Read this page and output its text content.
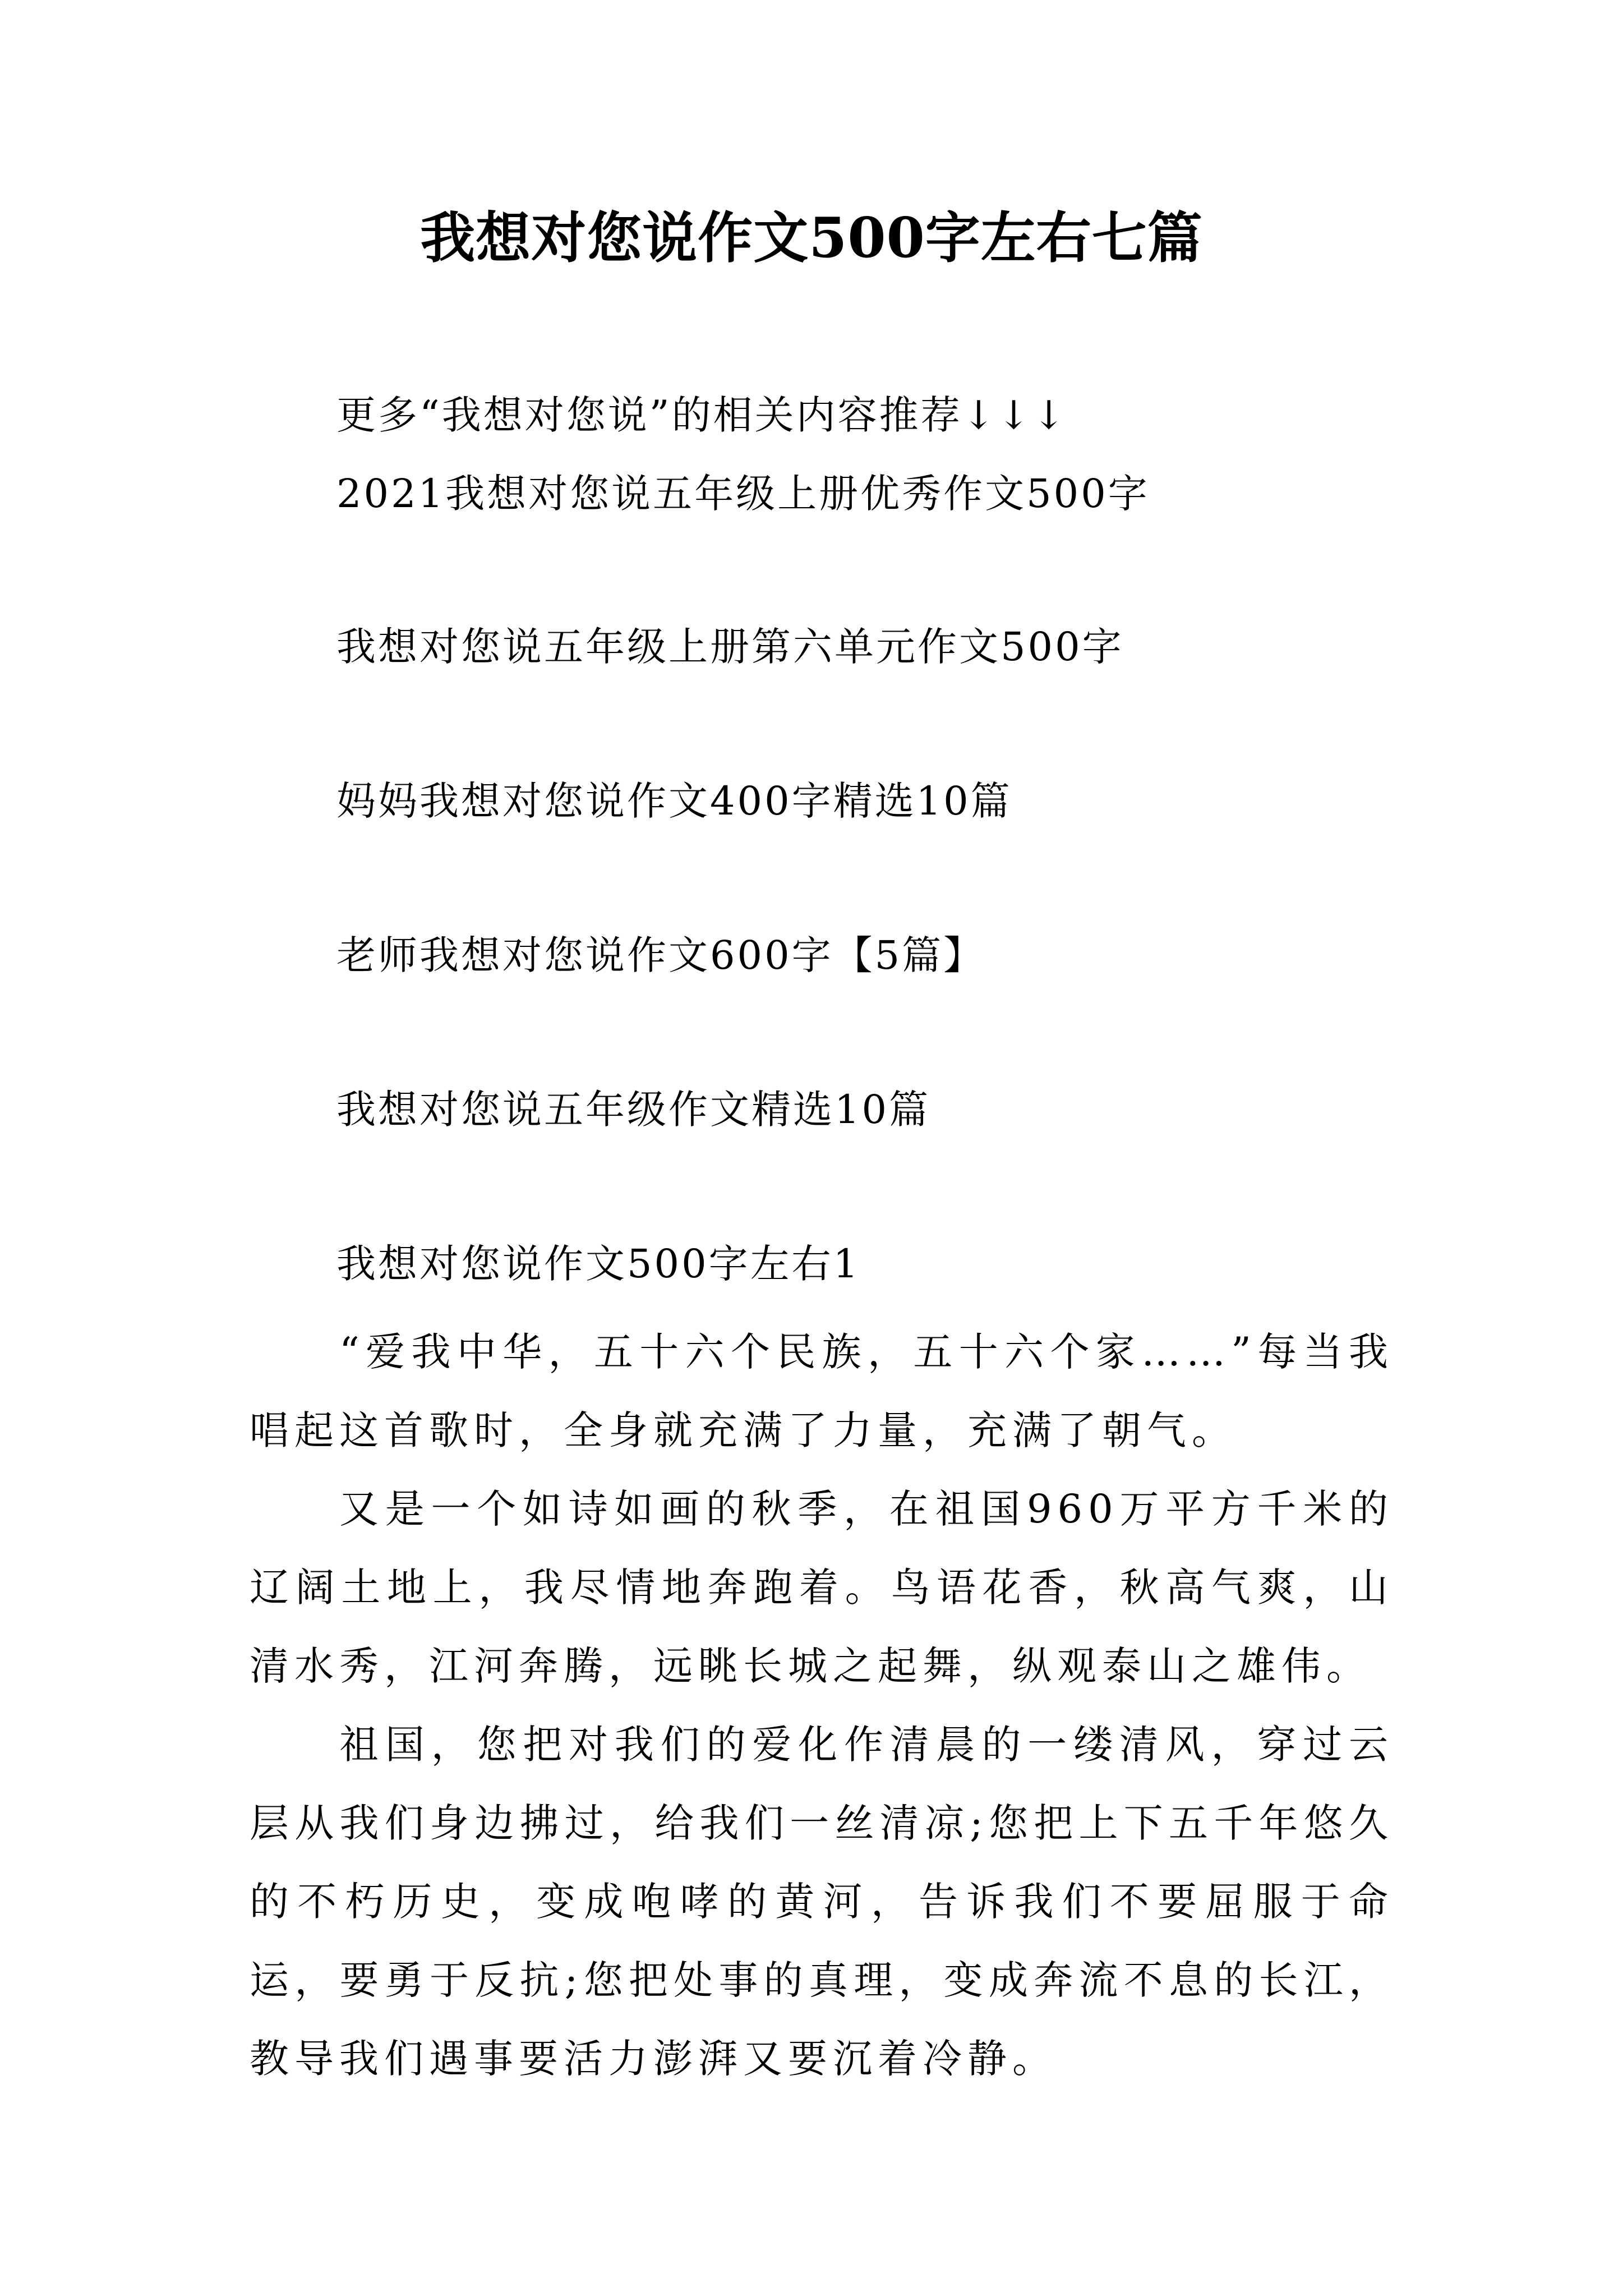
我想对您说作文500字左右七篇
更多“我想对您说”的相关内容推荐↓↓↓
2021我想对您说五年级上册优秀作文500字
我想对您说五年级上册第六单元作文500字
妈妈我想对您说作文400字精选10篇
老师我想对您说作文600字【5篇】
我想对您说五年级作文精选10篇
我想对您说作文500字左右1

“爱我中华，五十六个民族，五十六个家……”每当我唱起这首歌时，全身就充满了力量，充满了朝气。

又是一个如诗如画的秋季，在祖国960万平方千米的辽阔土地上，我尽情地奔跑着。鸟语花香，秋高气爽，山清水秀，江河奔腾，远眺长城之起舞，纵观泰山之雄伟。

祖国，您把对我们的爱化作清晨的一缕清风，穿过云层从我们身边拂过，给我们一丝清凉;您把上下五千年悠久的不朽历史，变成咆哮的黄河，告诉我们不要屈服于命运，要勇于反抗;您把处事的真理，变成奔流不息的长江，教导我们遇事要活力澎湃又要沉着冷静。
